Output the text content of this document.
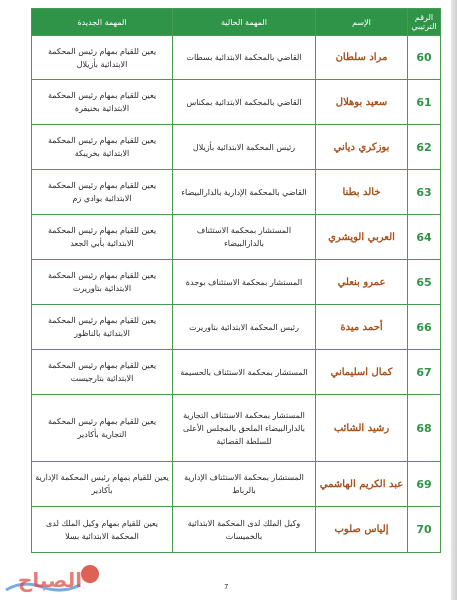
الرقم الترتيبي	الإسم	المهمة الحالية	المهمة الجديدة
60	مراد سلطان	القاضي بالمحكمة الابتدائية بسطات	يعين للقيام بمهام رئيس المحكمة الابتدائية بأزيلال
61	سعيد بوهلال	القاضي بالمحكمة الابتدائية بمكناس	يعين للقيام بمهام رئيس المحكمة الابتدائية بخنيفرة
62	بوزكري دياني	رئيس المحكمة الابتدائية بأزيلال	يعين للقيام بمهام رئيس المحكمة الابتدائية بخريبكة
63	خالد بطنا	القاضي بالمحكمة الإدارية بالدارالبيضاء	يعين للقيام بمهام رئيس المحكمة الابتدائية بوادي زم
64	العربي الويشري	المستشار بمحكمة الاستئناف بالدارالبيضاء	يعين للقيام بمهام رئيس المحكمة الابتدائية بأبي الجعد
65	عمرو بنعلي	المستشار بمحكمة الاستئناف بوجدة	يعين للقيام بمهام رئيس المحكمة الابتدائية بتاوريرت
66	أحمد ميدة	رئيس المحكمة الابتدائية بتاوريرت	يعين للقيام بمهام رئيس المحكمة الابتدائية بالناظور
67	كمال اسليماني	المستشار بمحكمة الاستئناف بالحسيمة	يعين للقيام بمهام رئيس المحكمة الابتدائية بتارجيست
68	رشيد الشائب	المستشار بمحكمة الاستئناف التجارية بالدارالبيضاء الملحق بالمجلس الأعلى للسلطة القضائية	يعين للقيام بمهام رئيس المحكمة التجارية بأكادير
69	عبد الكريم الهاشمي	المستشار بمحكمة الاستئناف الإدارية بالرباط	يعين للقيام بمهام رئيس المحكمة الإدارية بأكادير
70	إلياس صلوب	وكيل الملك لدى المحكمة الابتدائية بالخميسات	يعين للقيام بمهام وكيل الملك لدى المحكمة الابتدائية بسلا
7
الصباح
